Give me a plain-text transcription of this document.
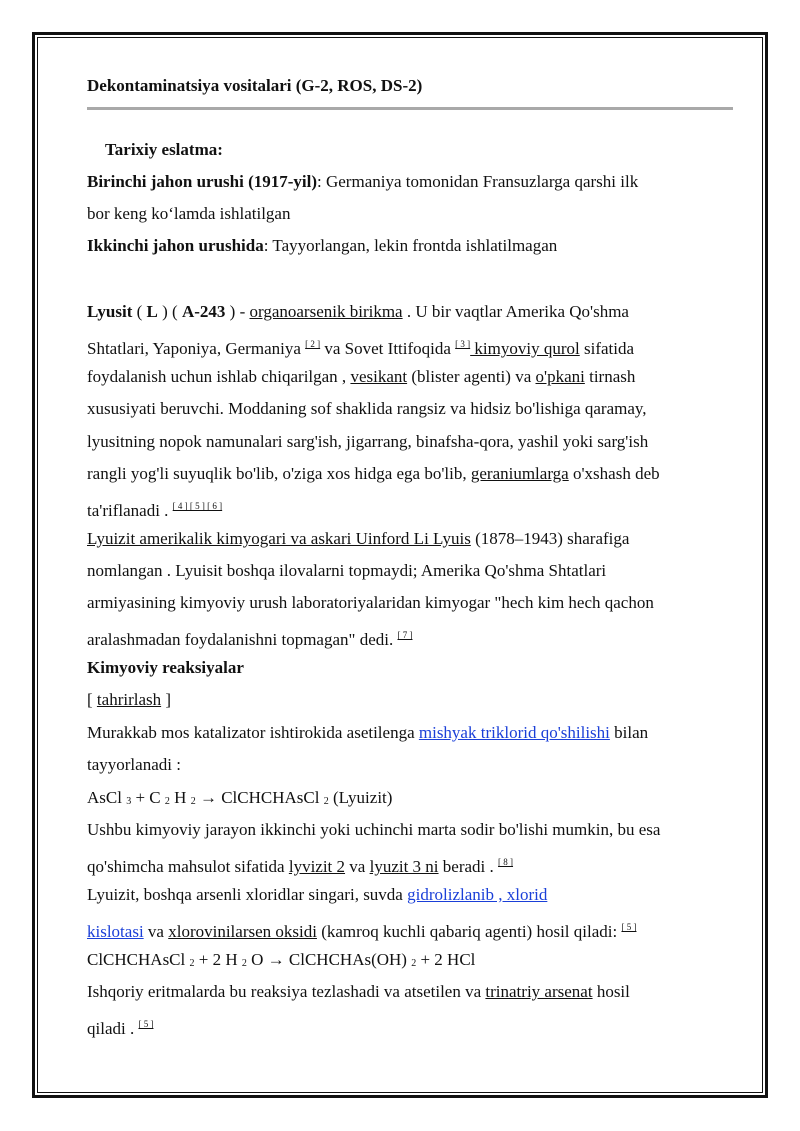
Dekontaminatsiya vositalari (G-2, ROS, DS-2)
Tarixiy eslatma:
Birinchi jahon urushi (1917-yil): Germaniya tomonidan Fransuzlarga qarshi ilk
bor keng ko‘lamda ishlatilgan
Ikkinchi jahon urushida: Tayyorlangan, lekin frontda ishlatilmagan
Lyusit ( L ) ( A-243 ) - organoarsenik birikma . U bir vaqtlar Amerika Qo'shma
Shtatlari, Yaponiya, Germaniya [ 2 ] va Sovet Ittifoqida [ 3 ] kimyoviy qurol sifatida
foydalanish uchun ishlab chiqarilgan , vesikant (blister agenti) va o'pkani tirnash
xususiyati beruvchi. Moddaning sof shaklida rangsiz va hidsiz bo'lishiga qaramay,
lyusitning nopok namunalari sarg'ish, jigarrang, binafsha-qora, yashil yoki sarg'ish
rangli yog'li suyuqlik bo'lib, o'ziga xos hidga ega bo'lib, geraniumlarga o'xshash deb
ta'riflanadi . [ 4 ] [ 5 ] [ 6 ]
Lyuizit amerikalik kimyogari va askari Uinford Li Lyuis (1878–1943) sharafiga
nomlangan . Lyuisit boshqa ilovalarni topmaydi; Amerika Qo'shma Shtatlari
armiyasining kimyoviy urush laboratoriyalaridan kimyogar "hech kim hech qachon
aralashmadan foydalanishni topmagan" dedi. [ 7 ]
Kimyoviy reaksiyalar
[ tahrirlash ]
Murakkab mos katalizator ishtirokida asetilenga mishyak triklorid qo'shilishi bilan
tayyorlanadi :
AsCl $_3$ + C $_2$ H $_2$ → ClCHCHAsCl $_2$ (Lyuizit)
Ushbu kimyoviy jarayon ikkinchi yoki uchinchi marta sodir bo'lishi mumkin, bu esa
qo'shimcha mahsulot sifatida lyvizit 2 va lyuzit 3 ni beradi . [ 8 ]
Lyuizit, boshqa arsenli xloridlar singari, suvda gidrolizlanib , xlorid
kislotasi va xlorovinilarsen oksidi (kamroq kuchli qabariq agenti) hosil qiladi: [ 5 ]
ClCHCHAsCl $_2$ + 2 H $_2$ O → ClCHCHAs(OH) $_2$ + 2 HCl
Ishqoriy eritmalarda bu reaksiya tezlashadi va atsetilen va trinatriy arsenat hosil
qiladi . [ 5 ]
